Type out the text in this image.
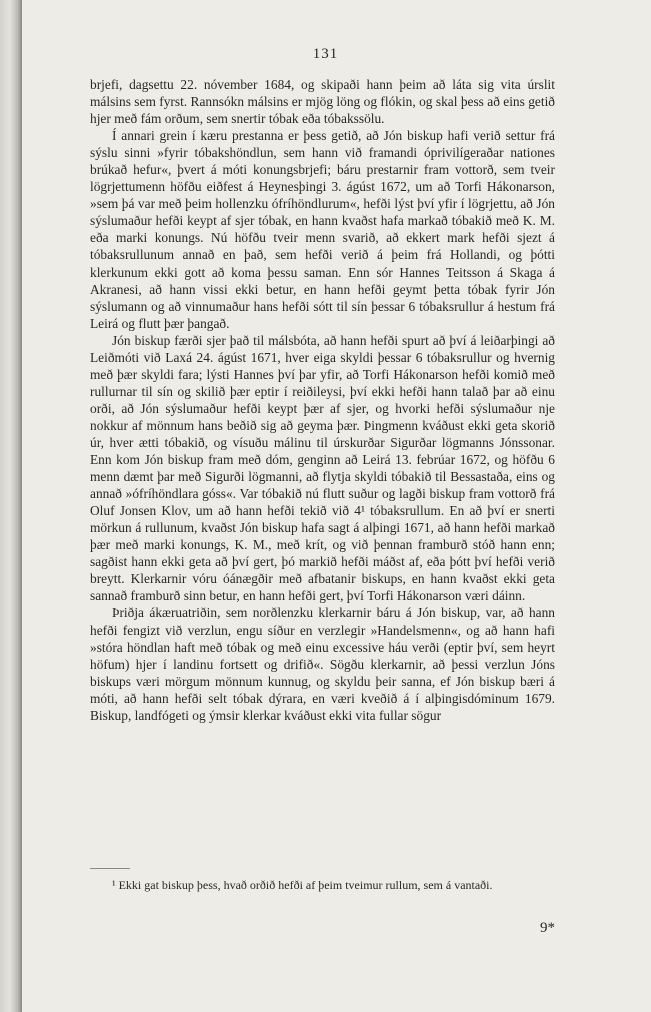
131

brjefi, dagsettu 22. nóvember 1684, og skipaði hann þeim að láta sig vita úrslit málsins sem fyrst. Rannsókn málsins er mjög löng og flókin, og skal þess að eins getið hjer með fám orðum, sem snertir tóbak eða tóbakssölu.

Í annari grein í kæru prestanna er þess getið, að Jón biskup hafi verið settur frá sýslu sinni »fyrir tóbakshöndlun, sem hann við framandi óprivilígeraðar nationes brúkað hefur«, þvert á móti konungsbrjefi; báru prestarnir fram vottorð, sem tveir lögrjettumenn höfðu eiðfest á Heynesþingi 3. ágúst 1672, um að Torfi Hákonarson, »sem þá var með þeim hollenzku ófríhöndlurum«, hefði lýst því yfir í lögrjettu, að Jón sýslumaður hefði keypt af sjer tóbak, en hann kvaðst hafa markað tóbakið með K. M. eða marki konungs. Nú höfðu tveir menn svarið, að ekkert mark hefði sjezt á tóbaksrullunum annað en það, sem hefði verið á þeim frá Hollandi, og þótti klerkunum ekki gott að koma þessu saman. Enn sór Hannes Teitsson á Skaga á Akranesi, að hann vissi ekki betur, en hann hefði geymt þetta tóbak fyrir Jón sýslumann og að vinnumaður hans hefði sótt til sín þessar 6 tóbaksrullur á hestum frá Leirá og flutt þær þangað.

Jón biskup færði sjer það til málsbóta, að hann hefði spurt að því á leiðarþingi að Leiðmóti við Laxá 24. ágúst 1671, hver eiga skyldi þessar 6 tóbaksrullur og hvernig með þær skyldi fara; lýsti Hannes því þar yfir, að Torfi Hákonarson hefði komið með rullurnar til sín og skilið þær eptir í reiðileysi, því ekki hefði hann talað þar að einu orði, að Jón sýslumaður hefði keypt þær af sjer, og hvorki hefði sýslumaður nje nokkur af mönnum hans beðið sig að geyma þær. Þingmenn kváðust ekki geta skorið úr, hver ætti tóbakið, og vísuðu málinu til úrskurðar Sigurðar lögmanns Jónssonar. Enn kom Jón biskup fram með dóm, genginn að Leirá 13. febrúar 1672, og höfðu 6 menn dæmt þar með Sigurði lögmanni, að flytja skyldi tóbakið til Bessastaða, eins og annað »ófríhöndlara góss«. Var tóbakið nú flutt suður og lagði biskup fram vottorð frá Oluf Jonsen Klov, um að hann hefði tekið við 4¹ tóbaksrullum. En að því er snerti mörkun á rullunum, kvaðst Jón biskup hafa sagt á alþingi 1671, að hann hefði markað þær með marki konungs, K. M., með krít, og við þennan framburð stóð hann enn; sagðist hann ekki geta að því gert, þó markið hefði máðst af, eða þótt því hefði verið breytt. Klerkarnir vóru óánægðir með afbatanir biskups, en hann kvaðst ekki geta sannað framburð sinn betur, en hann hefði gert, því Torfi Hákonarson væri dáinn.

Þriðja ákæruatriðin, sem norðlenzku klerkarnir báru á Jón biskup, var, að hann hefði fengizt við verzlun, engu síður en verzlegir »Handelsmenn«, og að hann hafi »stóra höndlan haft með tóbak og með einu excessive háu verði (eptir því, sem heyrt höfum) hjer í landinu fortsett og drifið«. Sögðu klerkarnir, að þessi verzlun Jóns biskups væri mörgum mönnum kunnug, og skyldu þeir sanna, ef Jón biskup bæri á móti, að hann hefði selt tóbak dýrara, en væri kveðið á í alþingisdóminum 1679. Biskup, landfógeti og ýmsir klerkar kváðust ekki vita fullar sögur

¹ Ekki gat biskup þess, hvað orðið hefði af þeim tveimur rullum, sem á vantaði.
9*
